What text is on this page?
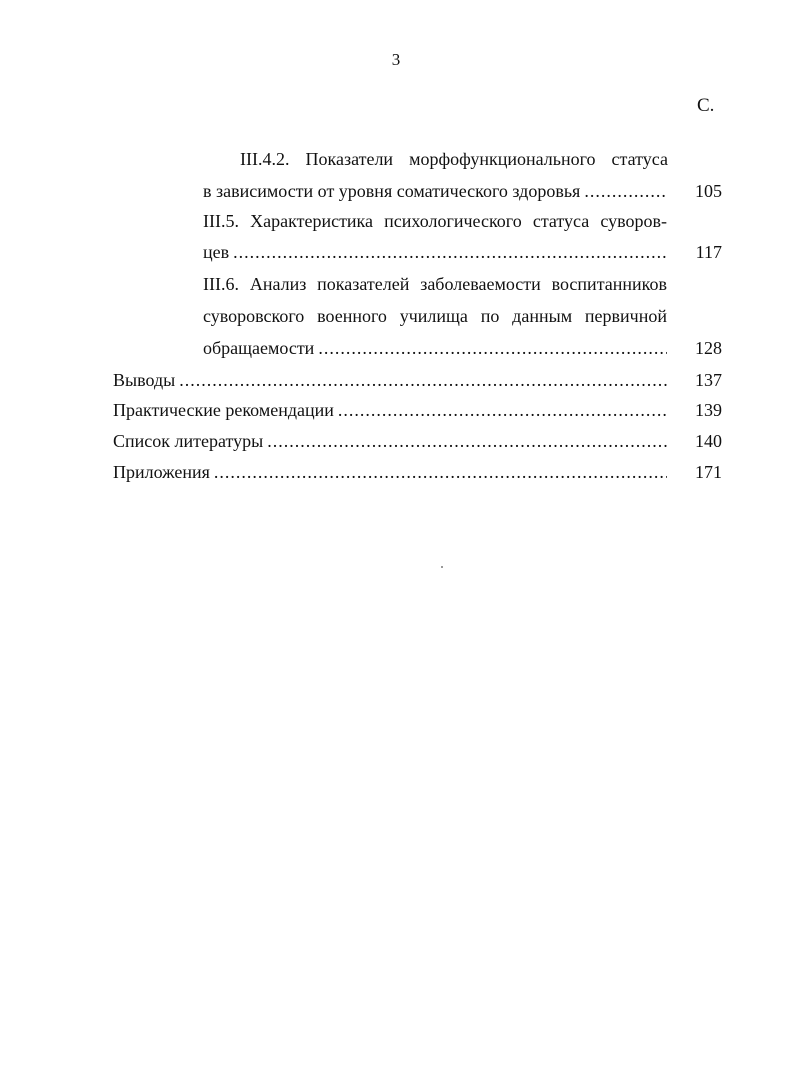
3
С.
III.4.2. Показатели морфофункционального статуса
в зависимости от уровня соматического здоровья .....	105
III.5. Характеристика психологического статуса суворов-
цев .....	117
III.6. Анализ показателей заболеваемости воспитанников
суворовского военного училища по данным первичной
обращаемости .....	128
Выводы .....	137
Практические рекомендации .....	139
Список литературы .....	140
Приложения .....	171
